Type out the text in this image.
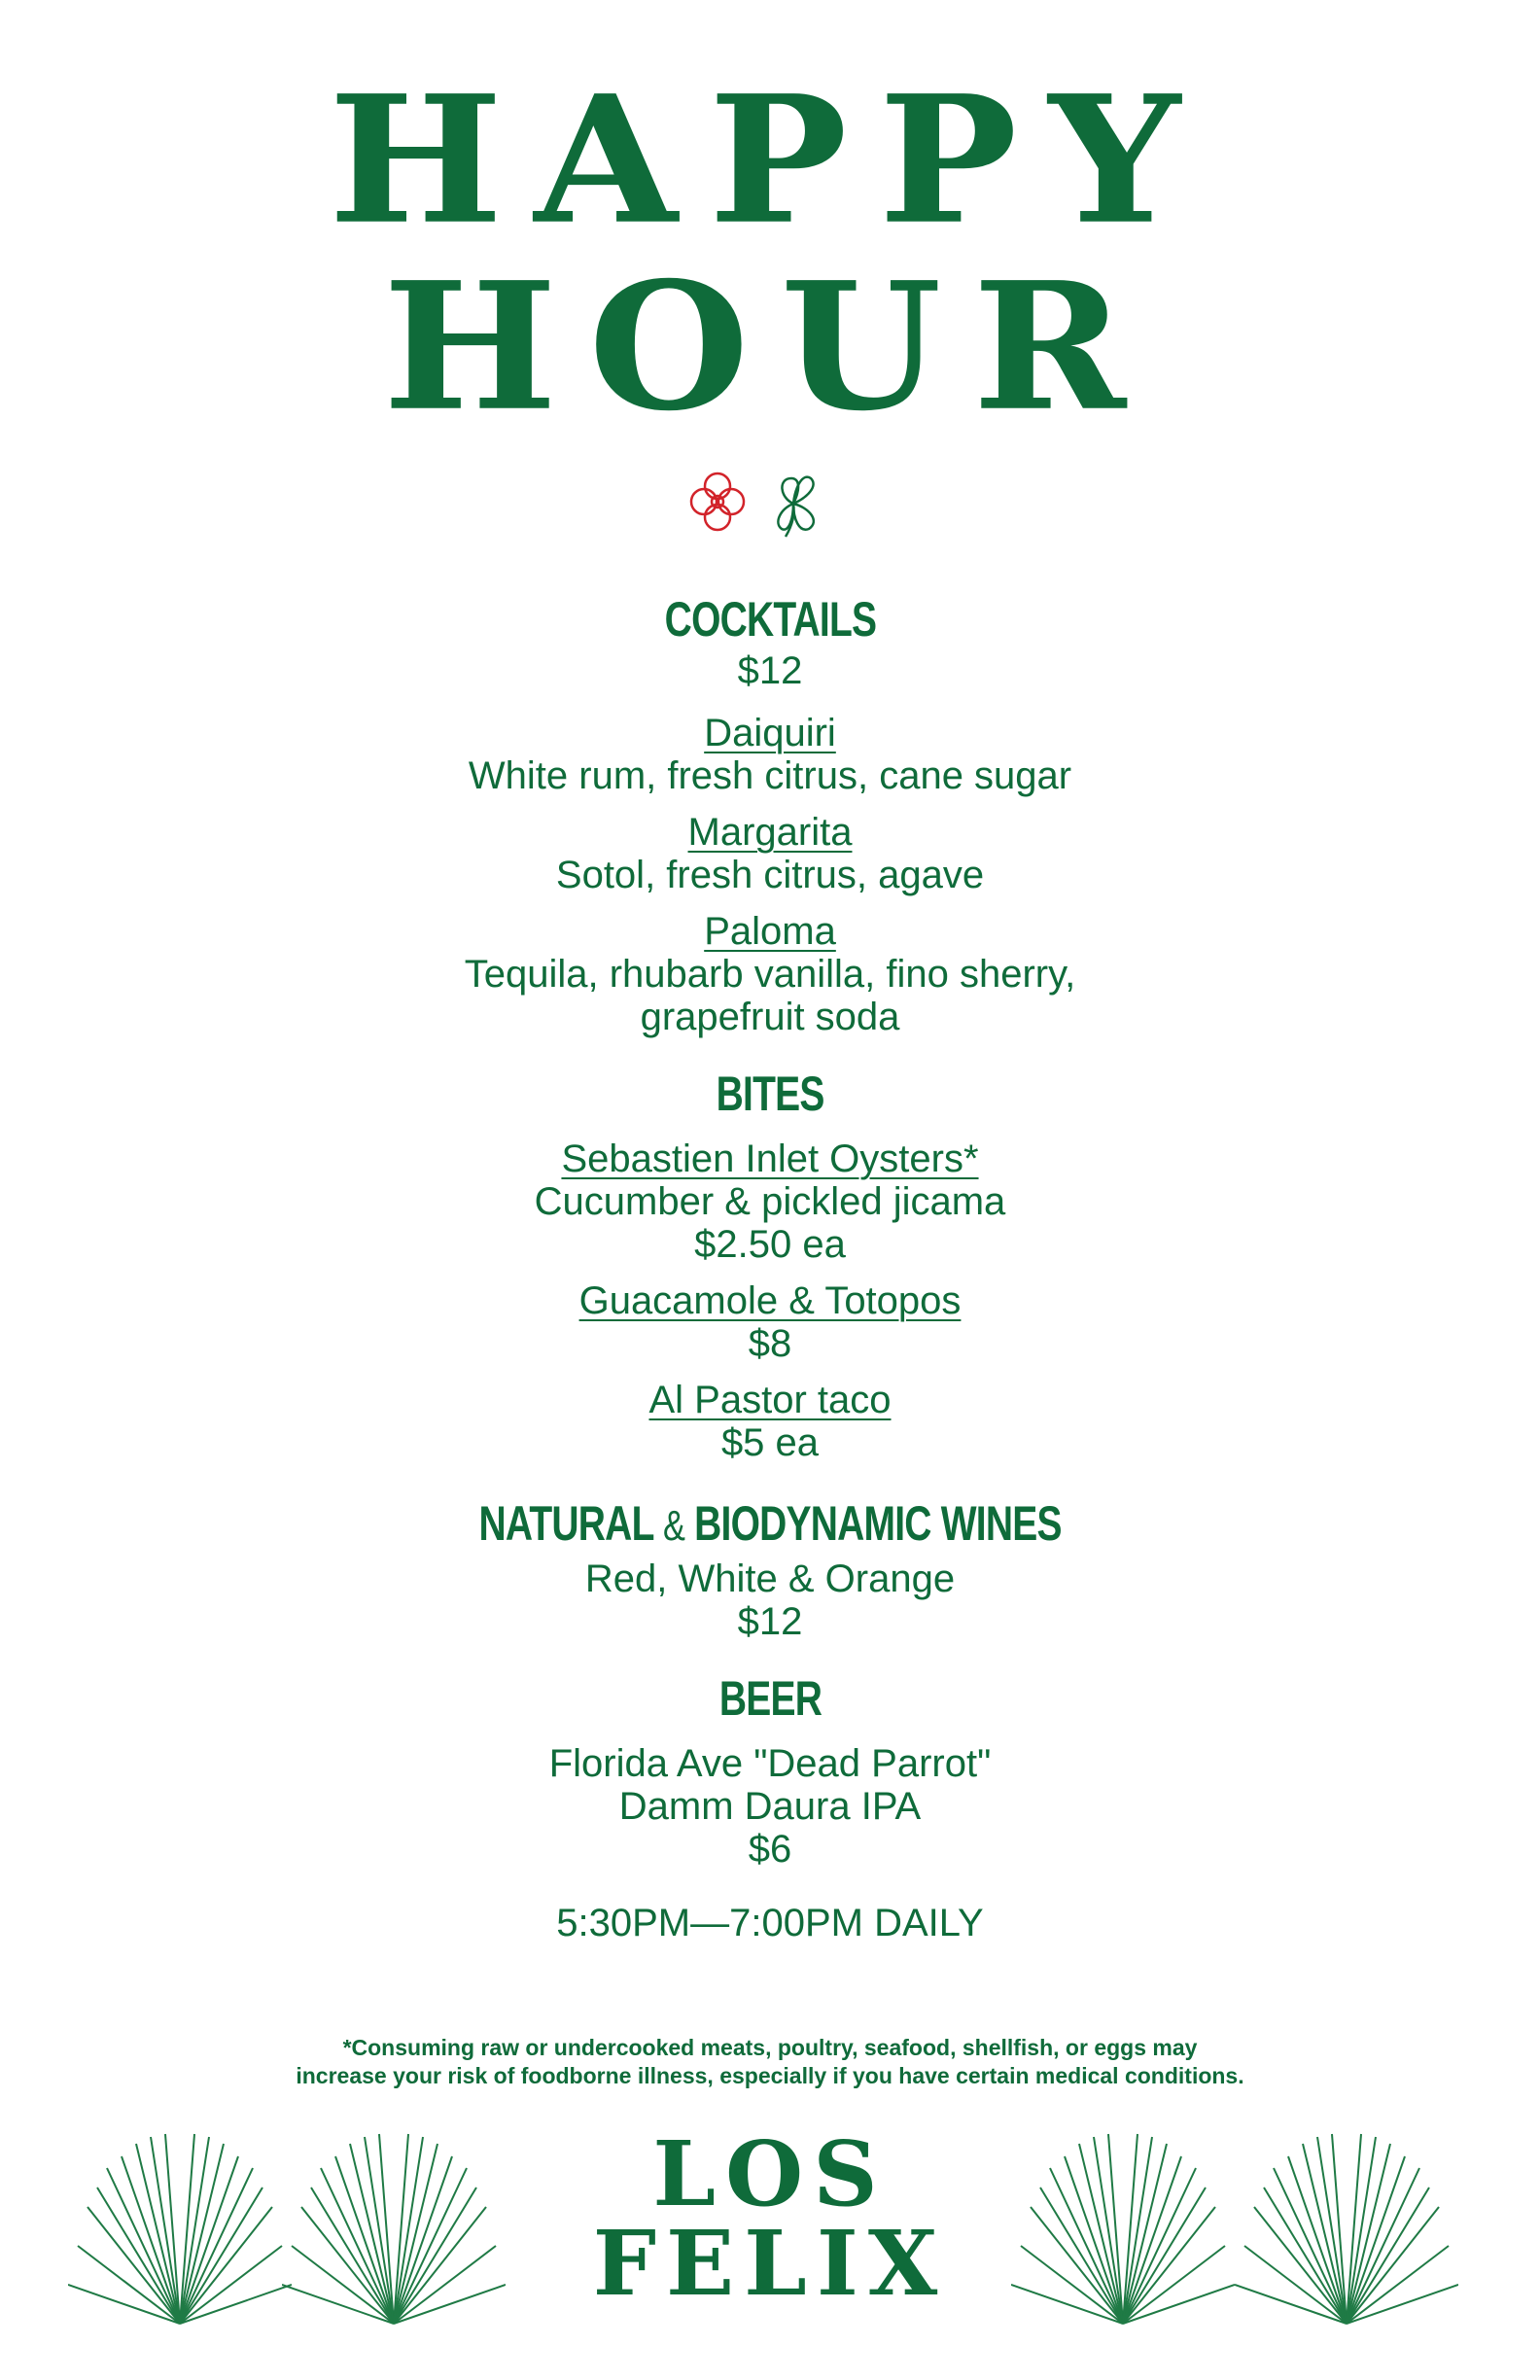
HAPPY
HOUR
COCKTAILS
$12
Daiquiri
White rum, fresh citrus, cane sugar
Margarita
Sotol, fresh citrus, agave
Paloma
Tequila, rhubarb vanilla, fino sherry,
grapefruit soda
BITES
Sebastien Inlet Oysters*
Cucumber & pickled jicama
$2.50 ea
Guacamole & Totopos
$8
Al Pastor taco
$5 ea
NATURAL & BIODYNAMIC WINES
Red, White & Orange
$12
BEER
Florida Ave "Dead Parrot"
Damm Daura IPA
$6
5:30PM—7:00PM DAILY
*Consuming raw or undercooked meats, poultry, seafood, shellfish, or eggs may
increase your risk of foodborne illness, especially if you have certain medical conditions.
LOS
FELIX
